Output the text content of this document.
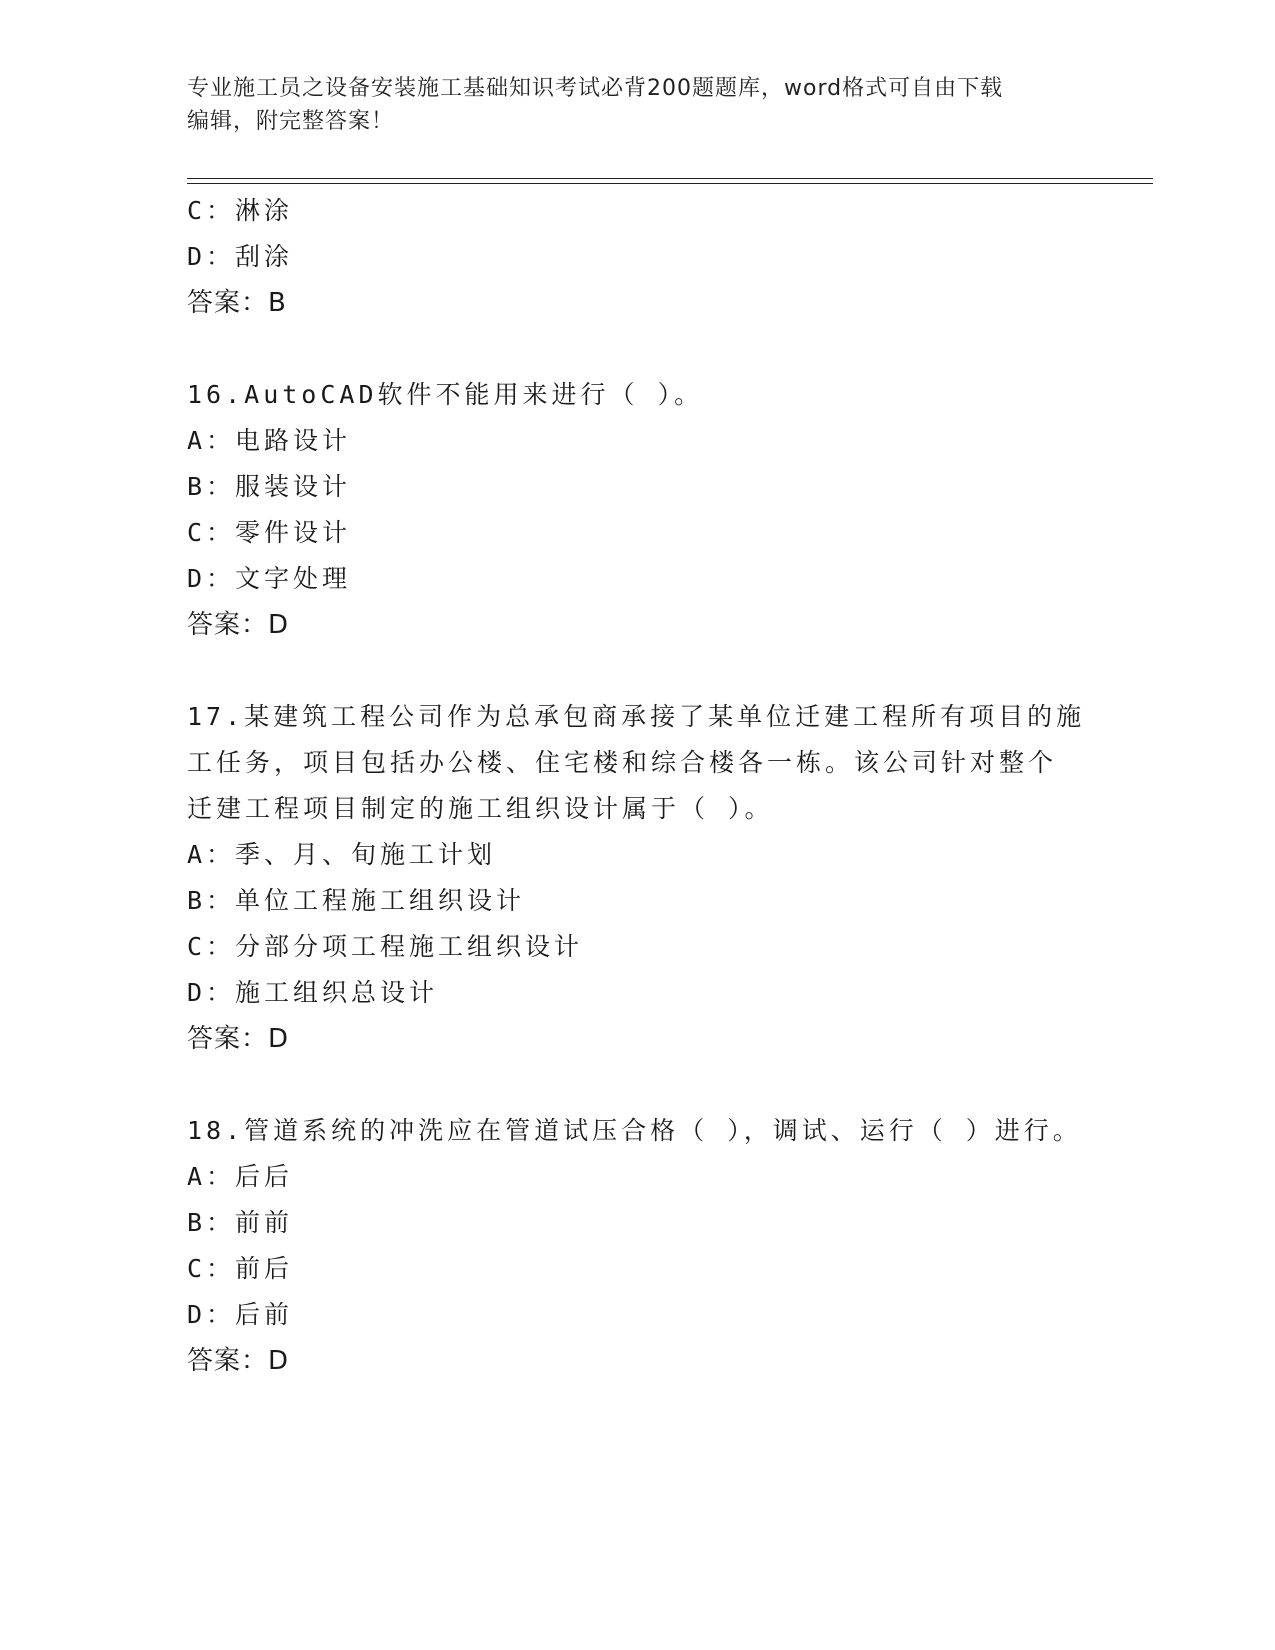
专业施工员之设备安装施工基础知识考试必背200题题库，word格式可自由下载
编辑，附完整答案！
C：淋涂
D：刮涂
答案：B
16.AutoCAD软件不能用来进行（ ）。
A：电路设计
B：服装设计
C：零件设计
D：文字处理
答案：D
17.某建筑工程公司作为总承包商承接了某单位迁建工程所有项目的施
工任务，项目包括办公楼、住宅楼和综合楼各一栋。该公司针对整个
迁建工程项目制定的施工组织设计属于（ ）。
A：季、月、旬施工计划
B：单位工程施工组织设计
C：分部分项工程施工组织设计
D：施工组织总设计
答案：D
18.管道系统的冲洗应在管道试压合格（ ），调试、运行（ ）进行。
A：后后
B：前前
C：前后
D：后前
答案：D
